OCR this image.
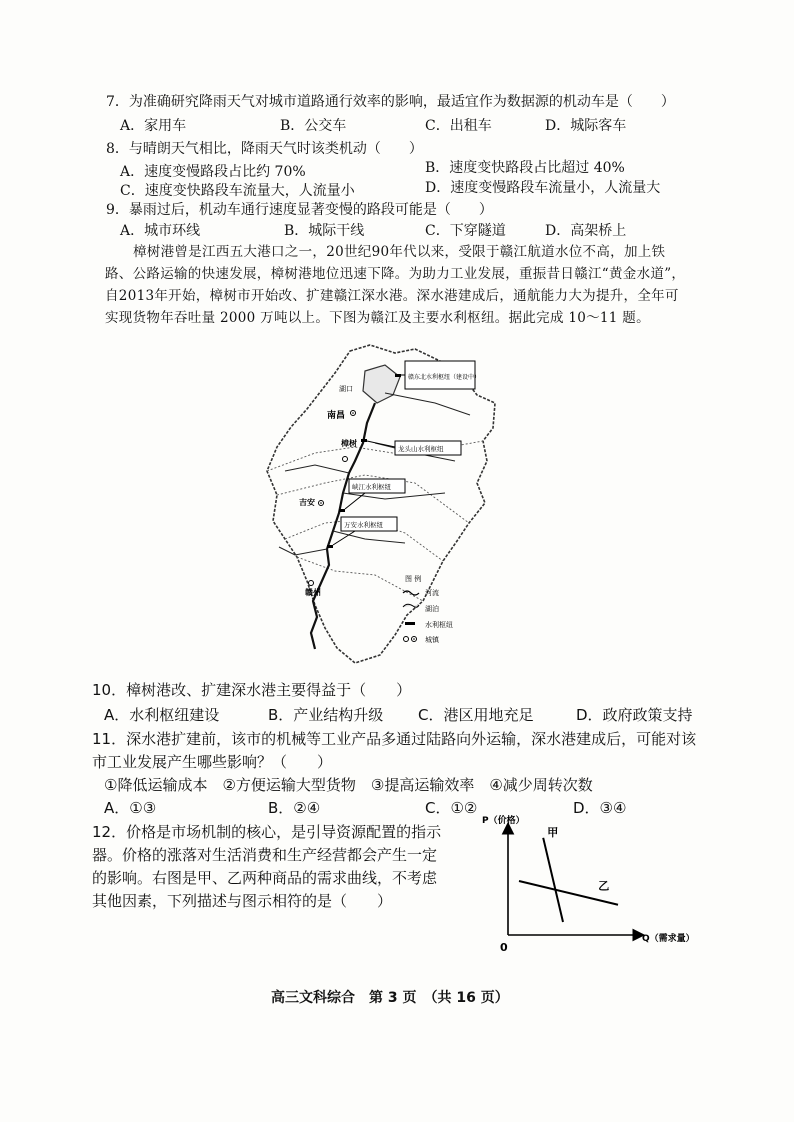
7．为准确研究降雨天气对城市道路通行效率的影响，最适宜作为数据源的机动车是（　　）
A．家用车	B．公交车	C．出租车	D．城际客车
8．与晴朗天气相比，降雨天气时该类机动（　　）
A．速度变慢路段占比约 70%	B．速度变快路段占比超过 40%
C．速度变快路段车流量大，人流量小	D．速度变慢路段车流量小，人流量大
9．暴雨过后，机动车通行速度显著变慢的路段可能是（　　）
A．城市环线	B．城际干线	C．下穿隧道	D．高架桥上
樟树港曾是江西五大港口之一，20世纪90年代以来，受限于赣江航道水位不高，加上铁路、公路运输的快速发展，樟树港地位迅速下降。为助力工业发展，重振昔日赣江“黄金水道”，自2013年开始，樟树市开始改、扩建赣江深水港。深水港建成后，通航能力大为提升，全年可实现货物年吞吐量 2000 万吨以上。下图为赣江及主要水利枢纽。据此完成 10～11 题。
湖口
南昌
樟树
吉安
赣州
赣东北水利枢纽（建设中）
龙头山水利枢纽
峡江水利枢纽
万安水利枢纽
图 例
河流
湖泊
水利枢纽
城镇
10．樟树港改、扩建深水港主要得益于（　　）
A．水利枢纽建设	B．产业结构升级 C．港区用地充足	D．政府政策支持
11．深水港扩建前，该市的机械等工业产品多通过陆路向外运输，深水港建成后，可能对该
市工业发展产生哪些影响？（　　）
①降低运输成本　②方便运输大型货物　③提高运输效率　④减少周转次数
A．①③	B．②④	C．①②	D．③④
12．价格是市场机制的核心，是引导资源配置的指示
器。价格的涨落对生活消费和生产经营都会产生一定
的影响。右图是甲、乙两种商品的需求曲线，不考虑
其他因素，下列描述与图示相符的是（　　）
P（价格）
Q（需求量）
0
甲
乙
高三文科综合　第 3 页　（共 16 页）
